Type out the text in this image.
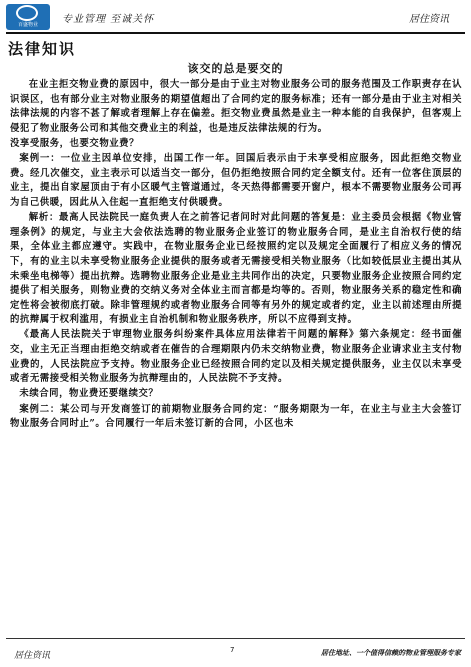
百盛物业	专业管理 至诚关怀	居住资讯
法律知识
该交的总是要交的

在业主拒交物业费的原因中，很大一部分是由于业主对物业服务公司的服务范围及工作职责存在认识误区，也有部分业主对物业服务的期望值超出了合同约定的服务标准；还有一部分是由于业主对相关法律法规的内容不甚了解或者理解上存在偏差。拒交物业费虽然是业主一种本能的自我保护，但客观上侵犯了物业服务公司和其他交费业主的利益，也是违反法律法规的行为。

没享受服务，也要交物业费？

案例一：一位业主因单位安排，出国工作一年。回国后表示由于未享受相应服务，因此拒绝交物业费。经几次催交，业主表示可以适当交一部分，但仍拒绝按照合同约定全额支付。还有一位客住顶层的业主，提出自家屋顶由于有小区暖气主管道通过，冬天热得都需要开窗户，根本不需要物业服务公司再为自己供暖，因此从入住起一直拒绝支付供暖费。

解析：最高人民法院民一庭负责人在之前答记者问时对此问题的答复是：业主委员会根据《物业管理条例》的规定，与业主大会依法选聘的物业服务企业签订的物业服务合同，是业主自治权行使的结果，全体业主都应遵守。实践中，在物业服务企业已经按照约定以及规定全面履行了相应义务的情况下，有的业主以未享受物业服务企业提供的服务或者无需接受相关物业服务（比如较低层业主提出其从未乘坐电梯等）提出抗辩。选聘物业服务企业是业主共同作出的决定，只要物业服务企业按照合同约定提供了相关服务，则物业费的交纳义务对全体业主而言都是均等的。否则，物业服务关系的稳定性和确定性将会被彻底打破。除非管理规约或者物业服务合同等有另外的规定或者约定，业主以前述理由所提的抗辩属于权利滥用，有损业主自治机制和物业服务秩序，所以不应得到支持。

《最高人民法院关于审理物业服务纠纷案件具体应用法律若干问题的解释》第六条规定：经书面催交，业主无正当理由拒绝交纳或者在催告的合理期限内仍未交纳物业费，物业服务企业请求业主支付物业费的，人民法院应予支持。物业服务企业已经按照合同约定以及相关规定提供服务，业主仅以未享受或者无需接受相关物业服务为抗辩理由的，人民法院不予支持。

未续合同，物业费还要继续交？

案例二：某公司与开发商签订的前期物业服务合同约定：“服务期限为一年，在业主与业主大会签订物业服务合同时止”。合同履行一年后未签订新的合同，小区也未

居住资讯
7	居住地址、一个值得信赖的物业管理服务专家
